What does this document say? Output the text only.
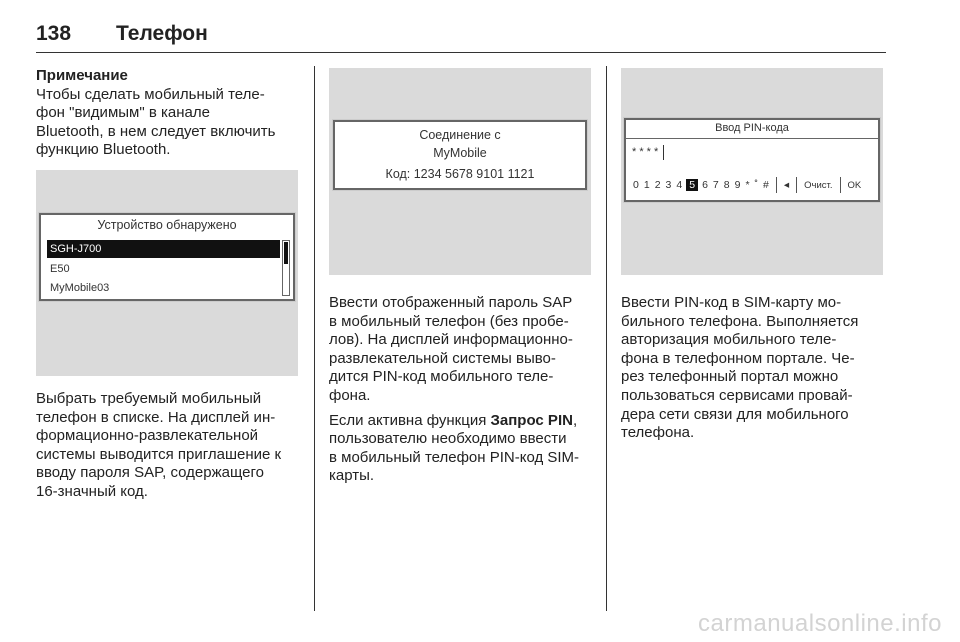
138 Телефон
Примечание
Чтобы сделать мобильный теле-
фон "видимым" в канале
Bluetooth, в нем следует включить
функцию Bluetooth.
Устройство обнаружено
SGH-J700
E50
MyMobile03
Выбрать требуемый мобильный
телефон в списке. На дисплей ин-
формационно-развлекательной
системы выводится приглашение к
вводу пароля SAP, содержащего
16-значный код.
Соединение с
MyMobile
Код: 1234 5678 9101 1121

Ввести отображенный пароль SAP
в мобильный телефон (без пробе-
лов). На дисплей информационно-
развлекательной системы выво-
дится PIN-код мобильного теле-
фона.

Если активна функция Запрос PIN,
пользователю необходимо ввести
в мобильный телефон PIN-код SIM-
карты.

Ввод PIN-кода
* * * *
0 1 2 3 4 5 6 7 8 9 * ˚ # ◂ Очист. OK
Ввести PIN-код в SIM-карту мо-
бильного телефона. Выполняется
авторизация мобильного теле-
фона в телефонном портале. Че-
рез телефонный портал можно
пользоваться сервисами провай-
дера сети связи для мобильного
телефона.
carmanualsonline.info
